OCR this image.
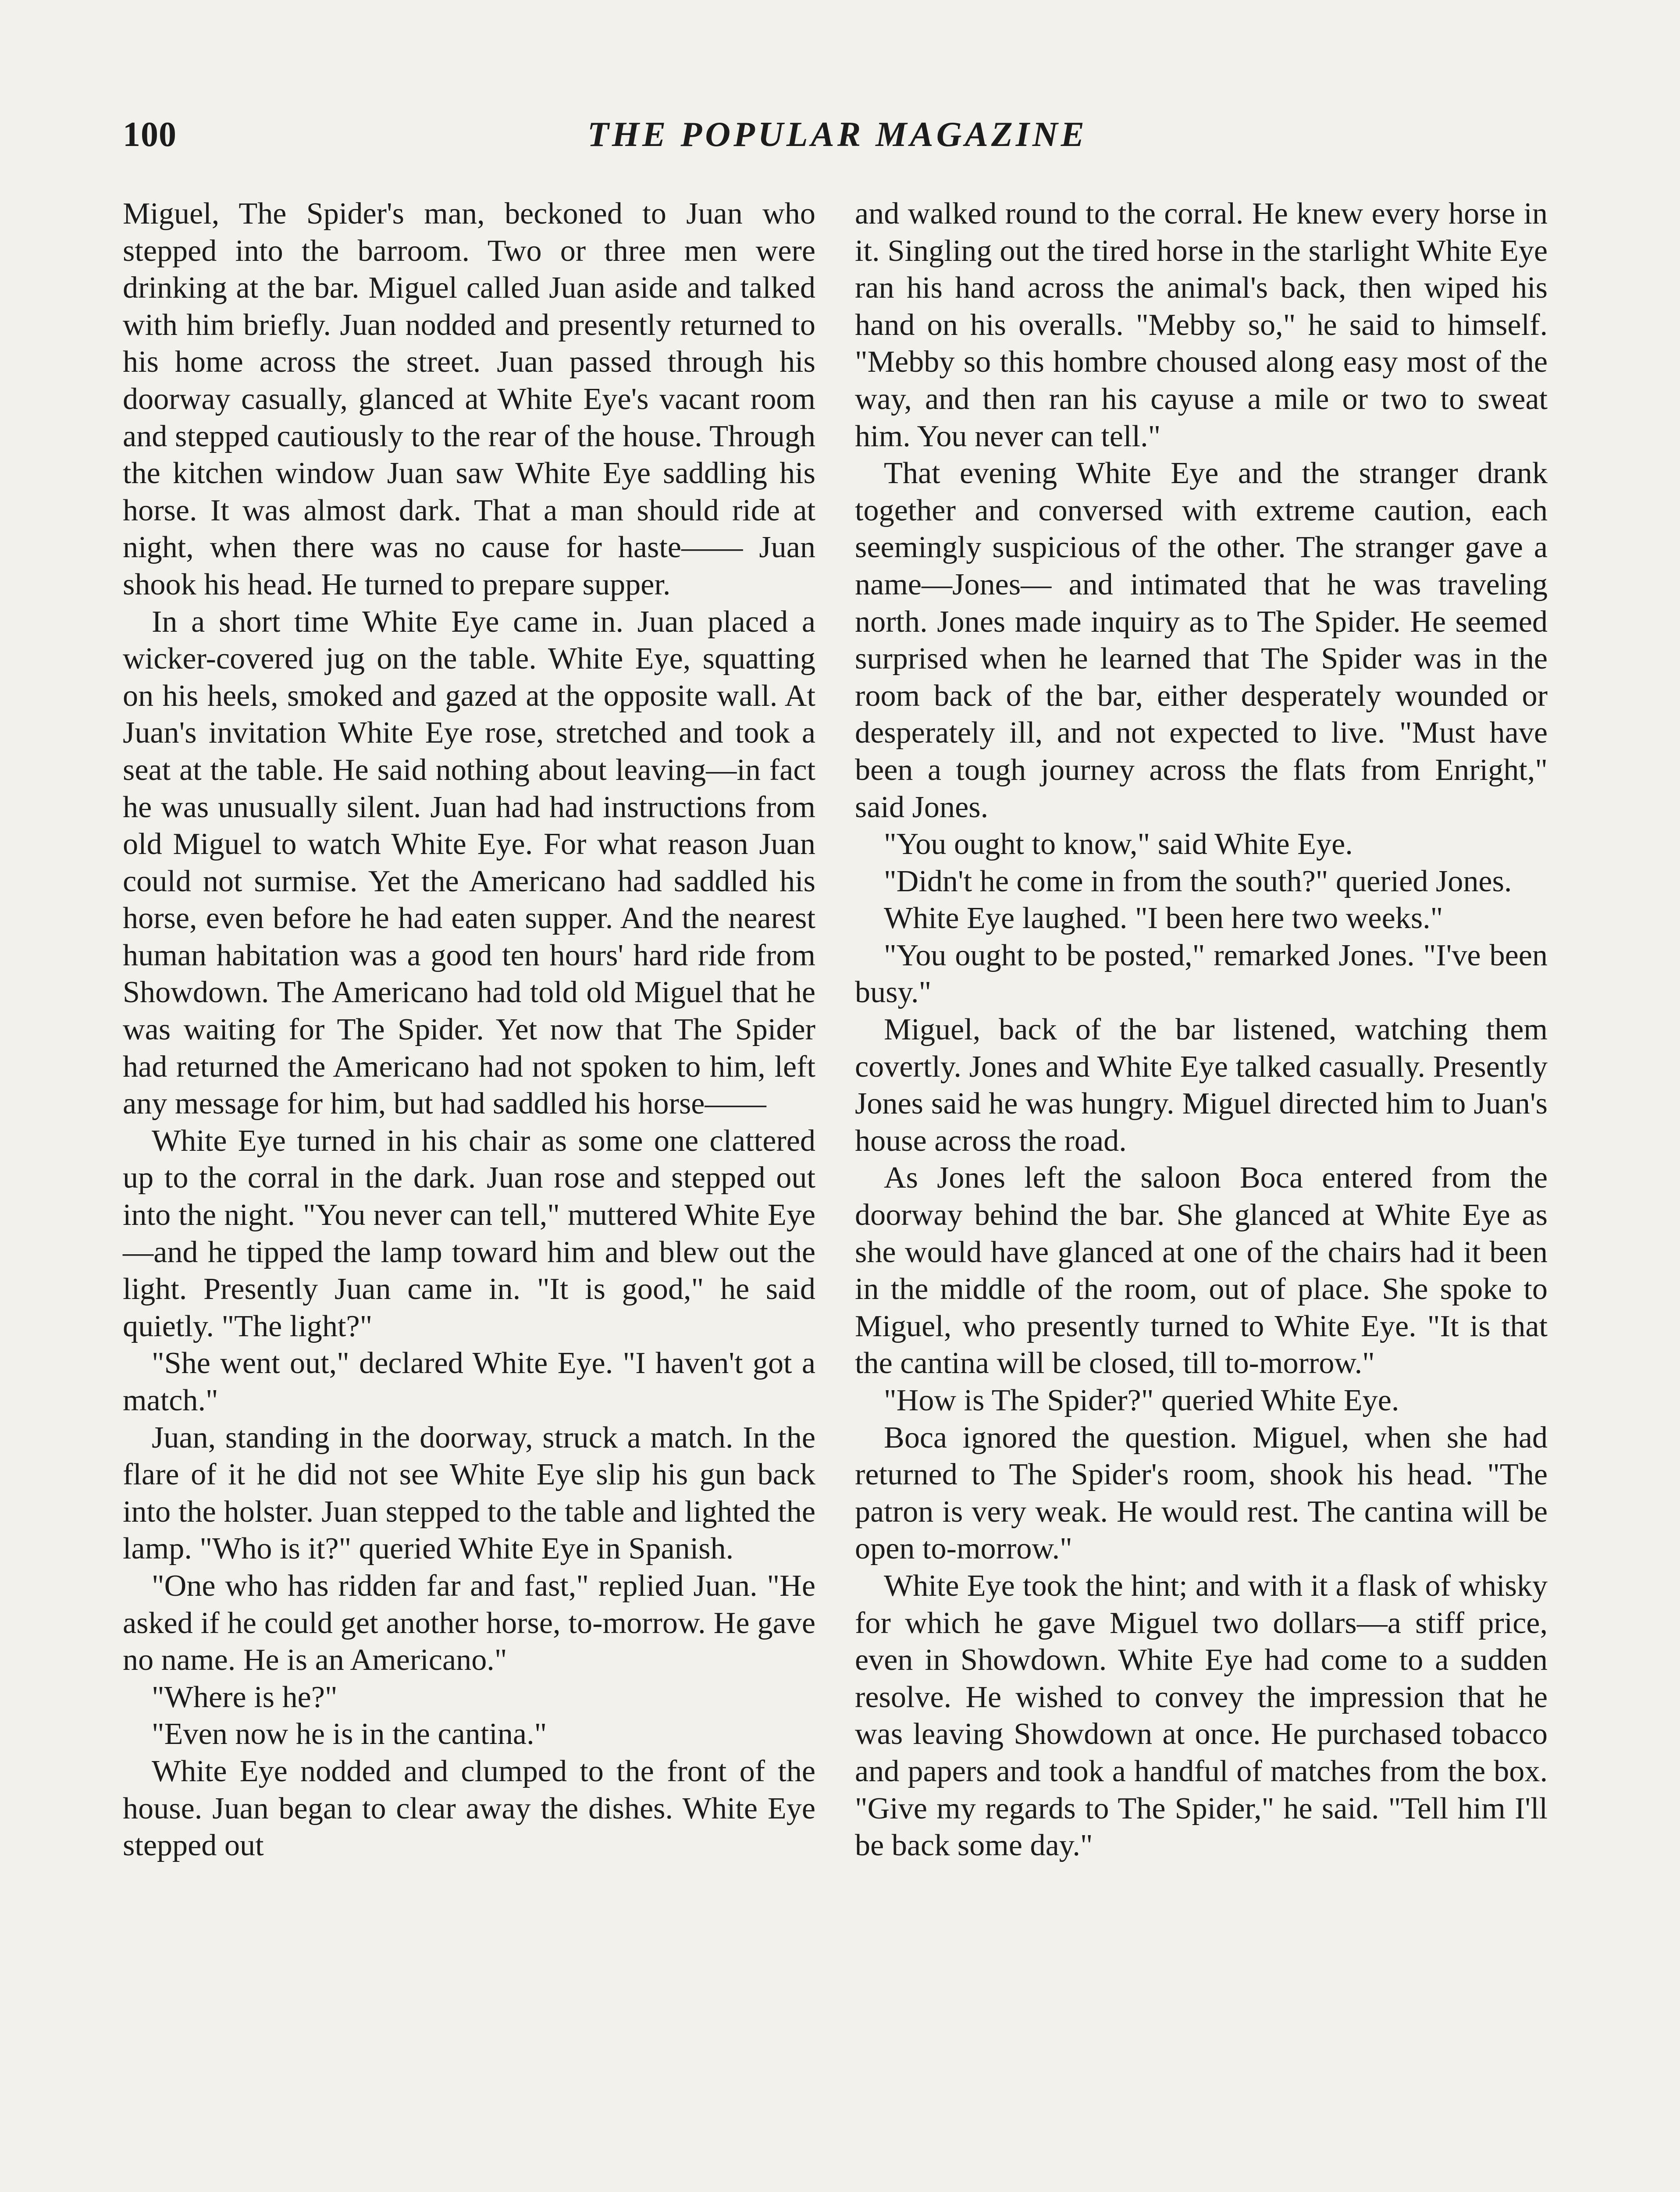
100	THE POPULAR MAGAZINE

Miguel, The Spider's man, beckoned to Juan who stepped into the barroom. Two or three men were drinking at the bar. Miguel called Juan aside and talked with him briefly. Juan nodded and presently returned to his home across the street. Juan passed through his doorway casually, glanced at White Eye's vacant room and stepped cautiously to the rear of the house. Through the kitchen window Juan saw White Eye saddling his horse. It was almost dark. That a man should ride at night, when there was no cause for haste—— Juan shook his head. He turned to prepare supper.

In a short time White Eye came in. Juan placed a wicker-covered jug on the table. White Eye, squatting on his heels, smoked and gazed at the opposite wall. At Juan's invitation White Eye rose, stretched and took a seat at the table. He said nothing about leaving—in fact he was unusually silent. Juan had had instructions from old Miguel to watch White Eye. For what reason Juan could not surmise. Yet the Americano had saddled his horse, even before he had eaten supper. And the nearest human habitation was a good ten hours' hard ride from Showdown. The Americano had told old Miguel that he was waiting for The Spider. Yet now that The Spider had returned the Americano had not spoken to him, left any message for him, but had saddled his horse——

White Eye turned in his chair as some one clattered up to the corral in the dark. Juan rose and stepped out into the night. "You never can tell," muttered White Eye —and he tipped the lamp toward him and blew out the light. Presently Juan came in. "It is good," he said quietly. "The light?"

"She went out," declared White Eye. "I haven't got a match."

Juan, standing in the doorway, struck a match. In the flare of it he did not see White Eye slip his gun back into the holster. Juan stepped to the table and lighted the lamp. "Who is it?" queried White Eye in Spanish.

"One who has ridden far and fast," replied Juan. "He asked if he could get another horse, to-morrow. He gave no name. He is an Americano."

"Where is he?"

"Even now he is in the cantina."

White Eye nodded and clumped to the front of the house. Juan began to clear away the dishes. White Eye stepped out

and walked round to the corral. He knew every horse in it. Singling out the tired horse in the starlight White Eye ran his hand across the animal's back, then wiped his hand on his overalls. "Mebby so," he said to himself. "Mebby so this hombre choused along easy most of the way, and then ran his cayuse a mile or two to sweat him. You never can tell."

That evening White Eye and the stranger drank together and conversed with extreme caution, each seemingly suspicious of the other. The stranger gave a name—Jones— and intimated that he was traveling north. Jones made inquiry as to The Spider. He seemed surprised when he learned that The Spider was in the room back of the bar, either desperately wounded or desperately ill, and not expected to live. "Must have been a tough journey across the flats from Enright," said Jones.

"You ought to know," said White Eye.

"Didn't he come in from the south?" queried Jones.

White Eye laughed. "I been here two weeks."

"You ought to be posted," remarked Jones. "I've been busy."

Miguel, back of the bar listened, watching them covertly. Jones and White Eye talked casually. Presently Jones said he was hungry. Miguel directed him to Juan's house across the road.

As Jones left the saloon Boca entered from the doorway behind the bar. She glanced at White Eye as she would have glanced at one of the chairs had it been in the middle of the room, out of place. She spoke to Miguel, who presently turned to White Eye. "It is that the cantina will be closed, till to-morrow."

"How is The Spider?" queried White Eye.

Boca ignored the question. Miguel, when she had returned to The Spider's room, shook his head. "The patron is very weak. He would rest. The cantina will be open to-morrow."

White Eye took the hint; and with it a flask of whisky for which he gave Miguel two dollars—a stiff price, even in Showdown. White Eye had come to a sudden resolve. He wished to convey the impression that he was leaving Showdown at once. He purchased tobacco and papers and took a handful of matches from the box. "Give my regards to The Spider," he said. "Tell him I'll be back some day."
